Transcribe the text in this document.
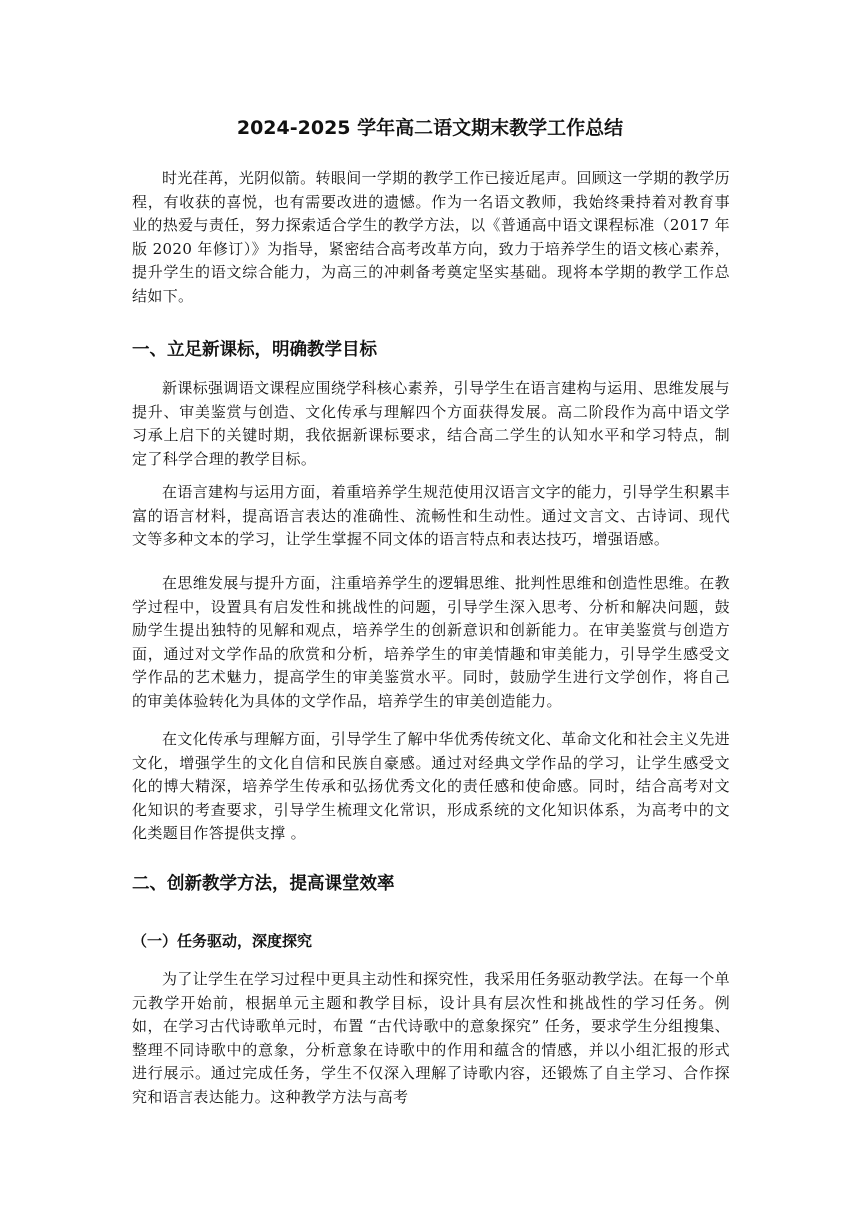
2024-2025 学年高二语文期末教学工作总结

时光荏苒，光阴似箭。转眼间一学期的教学工作已接近尾声。回顾这一学期的教学历程，有收获的喜悦，也有需要改进的遗憾。作为一名语文教师，我始终秉持着对教育事业的热爱与责任，努力探索适合学生的教学方法，以《普通高中语文课程标准（2017 年版 2020 年修订）》为指导，紧密结合高考改革方向，致力于培养学生的语文核心素养，提升学生的语文综合能力，为高三的冲刺备考奠定坚实基础。现将本学期的教学工作总结如下。

一、立足新课标，明确教学目标

新课标强调语文课程应围绕学科核心素养，引导学生在语言建构与运用、思维发展与提升、审美鉴赏与创造、文化传承与理解四个方面获得发展。高二阶段作为高中语文学习承上启下的关键时期，我依据新课标要求，结合高二学生的认知水平和学习特点，制定了科学合理的教学目标。

在语言建构与运用方面，着重培养学生规范使用汉语言文字的能力，引导学生积累丰富的语言材料，提高语言表达的准确性、流畅性和生动性。通过文言文、古诗词、现代文等多种文本的学习，让学生掌握不同文体的语言特点和表达技巧，增强语感。

在思维发展与提升方面，注重培养学生的逻辑思维、批判性思维和创造性思维。在教学过程中，设置具有启发性和挑战性的问题，引导学生深入思考、分析和解决问题，鼓励学生提出独特的见解和观点，培养学生的创新意识和创新能力。在审美鉴赏与创造方面，通过对文学作品的欣赏和分析，培养学生的审美情趣和审美能力，引导学生感受文学作品的艺术魅力，提高学生的审美鉴赏水平。同时，鼓励学生进行文学创作，将自己的审美体验转化为具体的文学作品，培养学生的审美创造能力。

在文化传承与理解方面，引导学生了解中华优秀传统文化、革命文化和社会主义先进文化，增强学生的文化自信和民族自豪感。通过对经典文学作品的学习，让学生感受文化的博大精深，培养学生传承和弘扬优秀文化的责任感和使命感。同时，结合高考对文化知识的考查要求，引导学生梳理文化常识，形成系统的文化知识体系，为高考中的文化类题目作答提供支撑 。

二、创新教学方法，提高课堂效率
（一）任务驱动，深度探究

为了让学生在学习过程中更具主动性和探究性，我采用任务驱动教学法。在每一个单元教学开始前，根据单元主题和教学目标，设计具有层次性和挑战性的学习任务。例如，在学习古代诗歌单元时，布置 “古代诗歌中的意象探究” 任务，要求学生分组搜集、整理不同诗歌中的意象，分析意象在诗歌中的作用和蕴含的情感，并以小组汇报的形式进行展示。通过完成任务，学生不仅深入理解了诗歌内容，还锻炼了自主学习、合作探究和语言表达能力。这种教学方法与高考
